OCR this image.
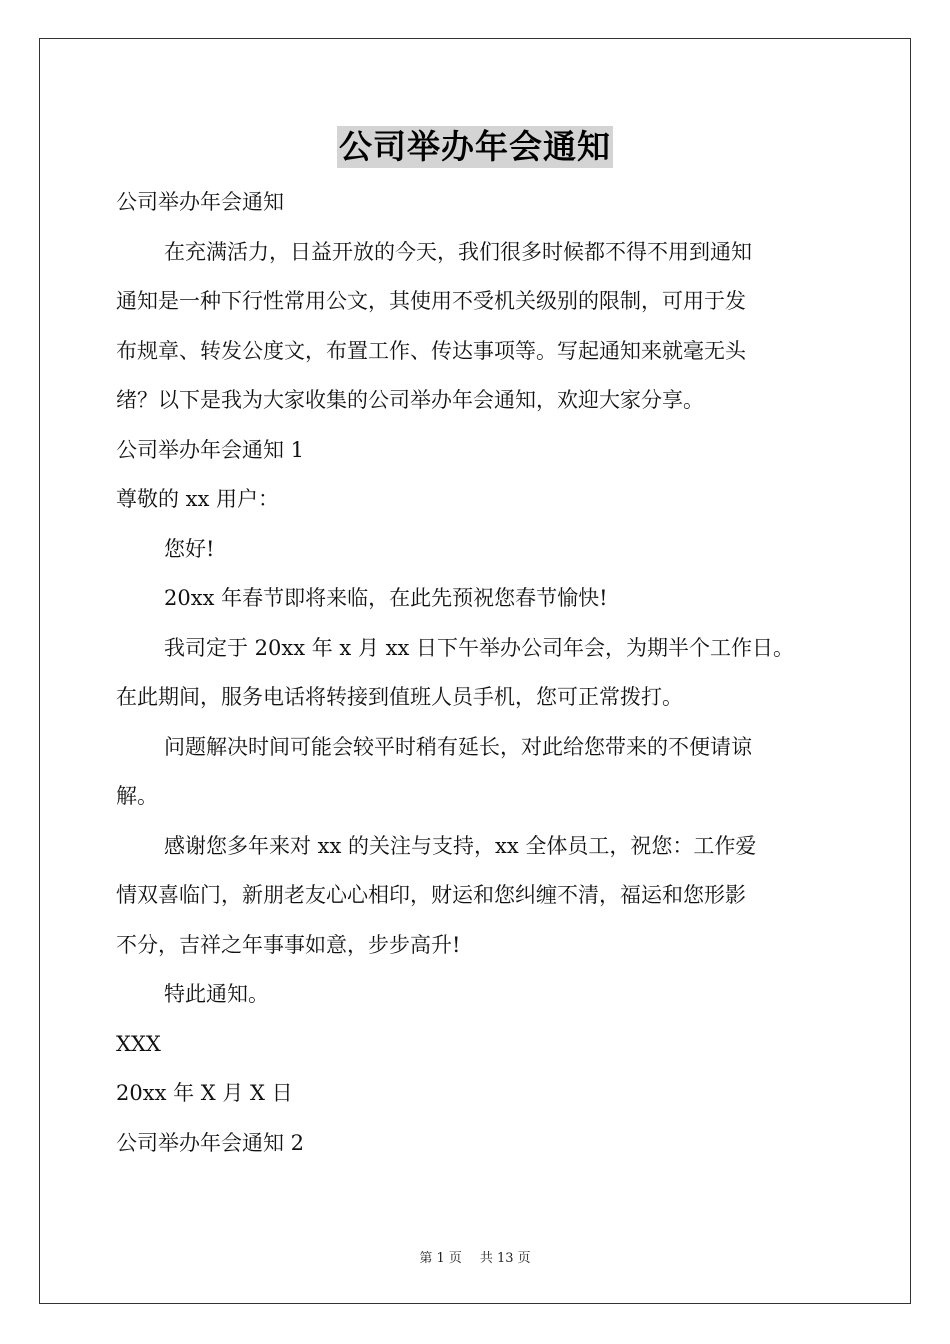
公司举办年会通知

公司举办年会通知

在充满活力，日益开放的今天，我们很多时候都不得不用到通知

通知是一种下行性常用公文，其使用不受机关级别的限制，可用于发

布规章、转发公度文，布置工作、传达事项等。写起通知来就毫无头

绪？以下是我为大家收集的公司举办年会通知，欢迎大家分享。

公司举办年会通知 1

尊敬的 xx 用户：

您好!

20xx 年春节即将来临，在此先预祝您春节愉快!

我司定于 20xx 年 x 月 xx 日下午举办公司年会，为期半个工作日。

在此期间，服务电话将转接到值班人员手机，您可正常拨打。

问题解决时间可能会较平时稍有延长，对此给您带来的不便请谅

解。

感谢您多年来对 xx 的关注与支持，xx 全体员工，祝您：工作爱

情双喜临门，新朋老友心心相印，财运和您纠缠不清，福运和您形影

不分，吉祥之年事事如意，步步高升!

特此通知。

XXX

20xx 年 X 月 X 日

公司举办年会通知 2

第 1 页 共 13 页
